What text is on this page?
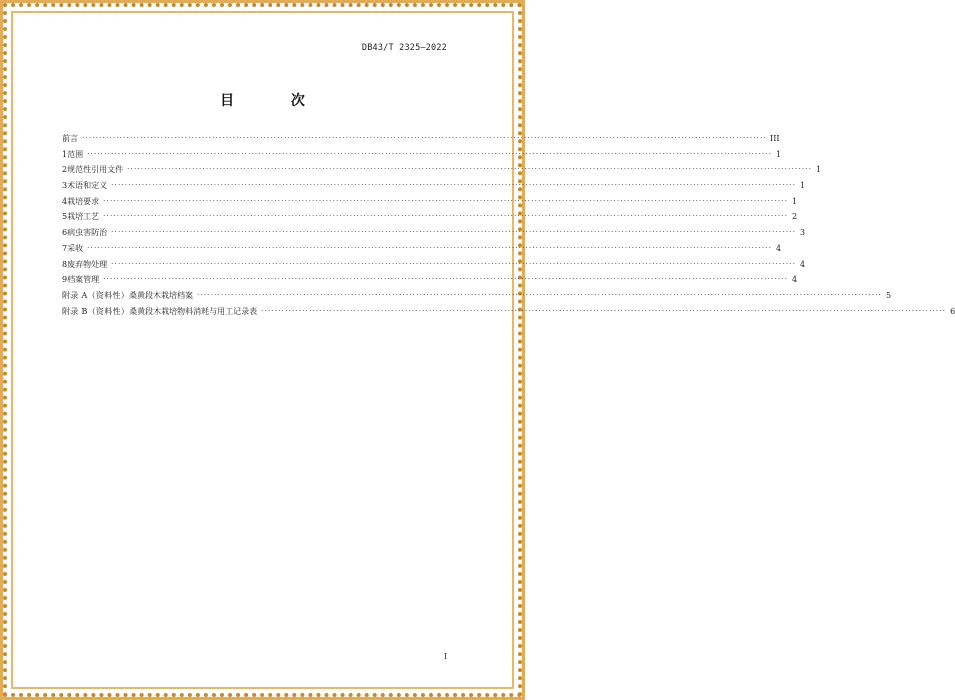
DB43/T 2325—2022
目 次
前言 ········································································································································································································ III
1 范围 ········································································································································································································ 1
2 规范性引用文件 ········································································································································································································ 1
3 术语和定义 ········································································································································································································ 1
4 栽培要求 ········································································································································································································ 1
5 栽培工艺 ········································································································································································································ 2
6 病虫害防治 ········································································································································································································ 3
7 采收 ········································································································································································································ 4
8 废弃物处理 ········································································································································································································ 4
9 档案管理 ········································································································································································································ 4
附录 A（资料性） 桑黄段木栽培档案 ········································································································································································································ 5
附录 B（资料性） 桑黄段木栽培物料消耗与用工记录表 ········································································································································································································ 6
I
